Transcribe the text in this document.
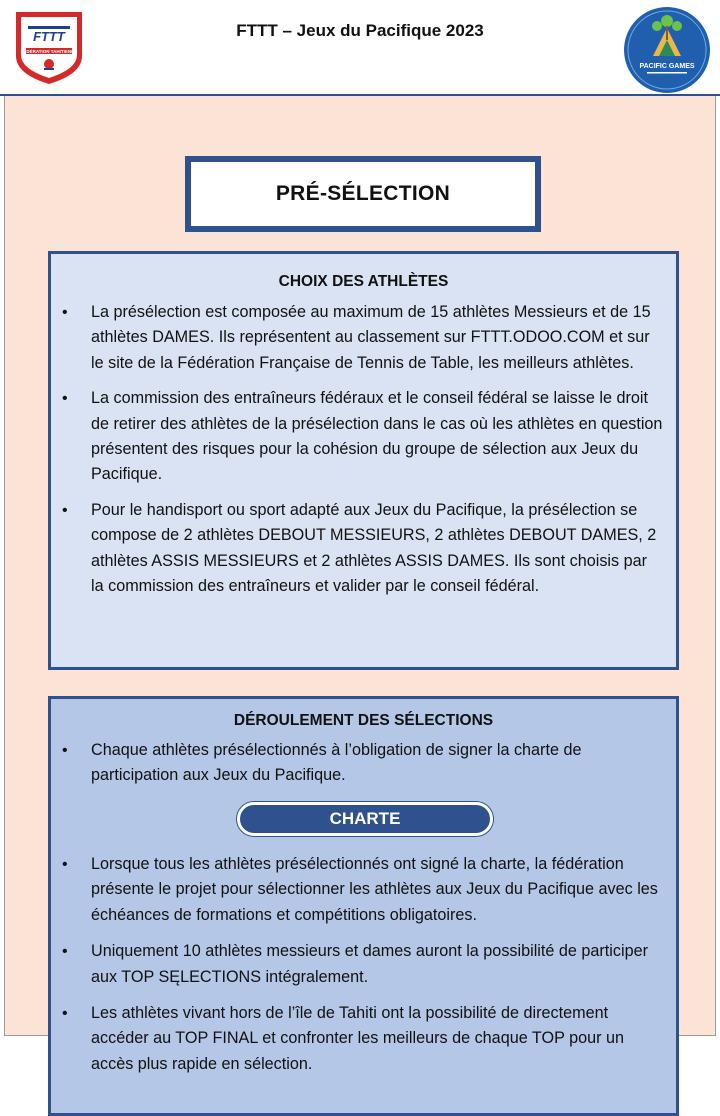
FTTT
FÉDÉRATION TAHITIENNE
FTTT – Jeux du Pacifique 2023
PACIFIC GAMES
PRÉ-SÉLECTION
CHOIX DES ATHLÈTES
• La présélection est composée au maximum de 15 athlètes Messieurs et de 15 athlètes DAMES. Ils représentent au classement sur FTTT.ODOO.COM et sur le site de la Fédération Française de Tennis de Table, les meilleurs athlètes.
• La commission des entraîneurs fédéraux et le conseil fédéral se laisse le droit de retirer des athlètes de la présélection dans le cas où les athlètes en question présentent des risques pour la cohésion du groupe de sélection aux Jeux du Pacifique.
• Pour le handisport ou sport adapté aux Jeux du Pacifique, la présélection se compose de 2 athlètes DEBOUT MESSIEURS, 2 athlètes DEBOUT DAMES, 2 athlètes ASSIS MESSIEURS et 2 athlètes ASSIS DAMES. Ils sont choisis par la commission des entraîneurs et valider par le conseil fédéral.
DÉROULEMENT DES SÉLECTIONS
• Chaque athlètes présélectionnés à l’obligation de signer la charte de participation aux Jeux du Pacifique.
CHARTE
• Lorsque tous les athlètes présélectionnés ont signé la charte, la fédération présente le projet pour sélectionner les athlètes aux Jeux du Pacifique avec les échéances de formations et compétitions obligatoires.
• Uniquement 10 athlètes messieurs et dames auront la possibilité de participer aux TOP SĘLECTIONS intégralement.
• Les athlètes vivant hors de l’île de Tahiti ont la possibilité de directement accéder au TOP FINAL et confronter les meilleurs de chaque TOP pour un accès plus rapide en sélection.
